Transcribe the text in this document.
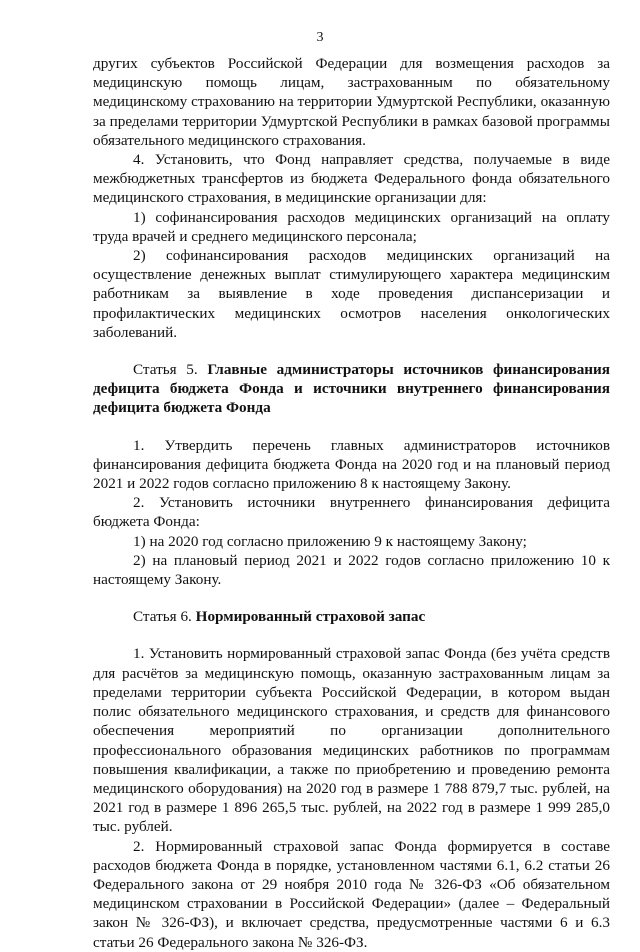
3

других субъектов Российской Федерации для возмещения расходов за медицинскую помощь лицам, застрахованным по обязательному медицинскому страхованию на территории Удмуртской Республики, оказанную за пределами территории Удмуртской Республики в рамках базовой программы обязательного медицинского страхования.

4. Установить, что Фонд направляет средства, получаемые в виде межбюджетных трансфертов из бюджета Федерального фонда обязательного медицинского страхования, в медицинские организации для:

1) софинансирования расходов медицинских организаций на оплату труда врачей и среднего медицинского персонала;

2) софинансирования расходов медицинских организаций на осуществление денежных выплат стимулирующего характера медицинским работникам за выявление в ходе проведения диспансеризации и профилактических медицинских осмотров населения онкологических заболеваний.

Статья 5. Главные администраторы источников финансирования дефицита бюджета Фонда и источники внутреннего финансирования дефицита бюджета Фонда

1. Утвердить перечень главных администраторов источников финансирования дефицита бюджета Фонда на 2020 год и на плановый период 2021 и 2022 годов согласно приложению 8 к настоящему Закону.

2. Установить источники внутреннего финансирования дефицита бюджета Фонда:

1) на 2020 год согласно приложению 9 к настоящему Закону;

2) на плановый период 2021 и 2022 годов согласно приложению 10 к настоящему Закону.

Статья 6. Нормированный страховой запас

1. Установить нормированный страховой запас Фонда (без учёта средств для расчётов за медицинскую помощь, оказанную застрахованным лицам за пределами территории субъекта Российской Федерации, в котором выдан полис обязательного медицинского страхования, и средств для финансового обеспечения мероприятий по организации дополнительного профессионального образования медицинских работников по программам повышения квалификации, а также по приобретению и проведению ремонта медицинского оборудования) на 2020 год в размере 1 788 879,7 тыс. рублей, на 2021 год в размере 1 896 265,5 тыс. рублей, на 2022 год в размере 1 999 285,0 тыс. рублей.

2. Нормированный страховой запас Фонда формируется в составе расходов бюджета Фонда в порядке, установленном частями 6.1, 6.2 статьи 26 Федерального закона от 29 ноября 2010 года № 326-ФЗ «Об обязательном медицинском страховании в Российской Федерации» (далее – Федеральный закон № 326-ФЗ), и включает средства, предусмотренные частями 6 и 6.3 статьи 26 Федерального закона № 326-ФЗ.
